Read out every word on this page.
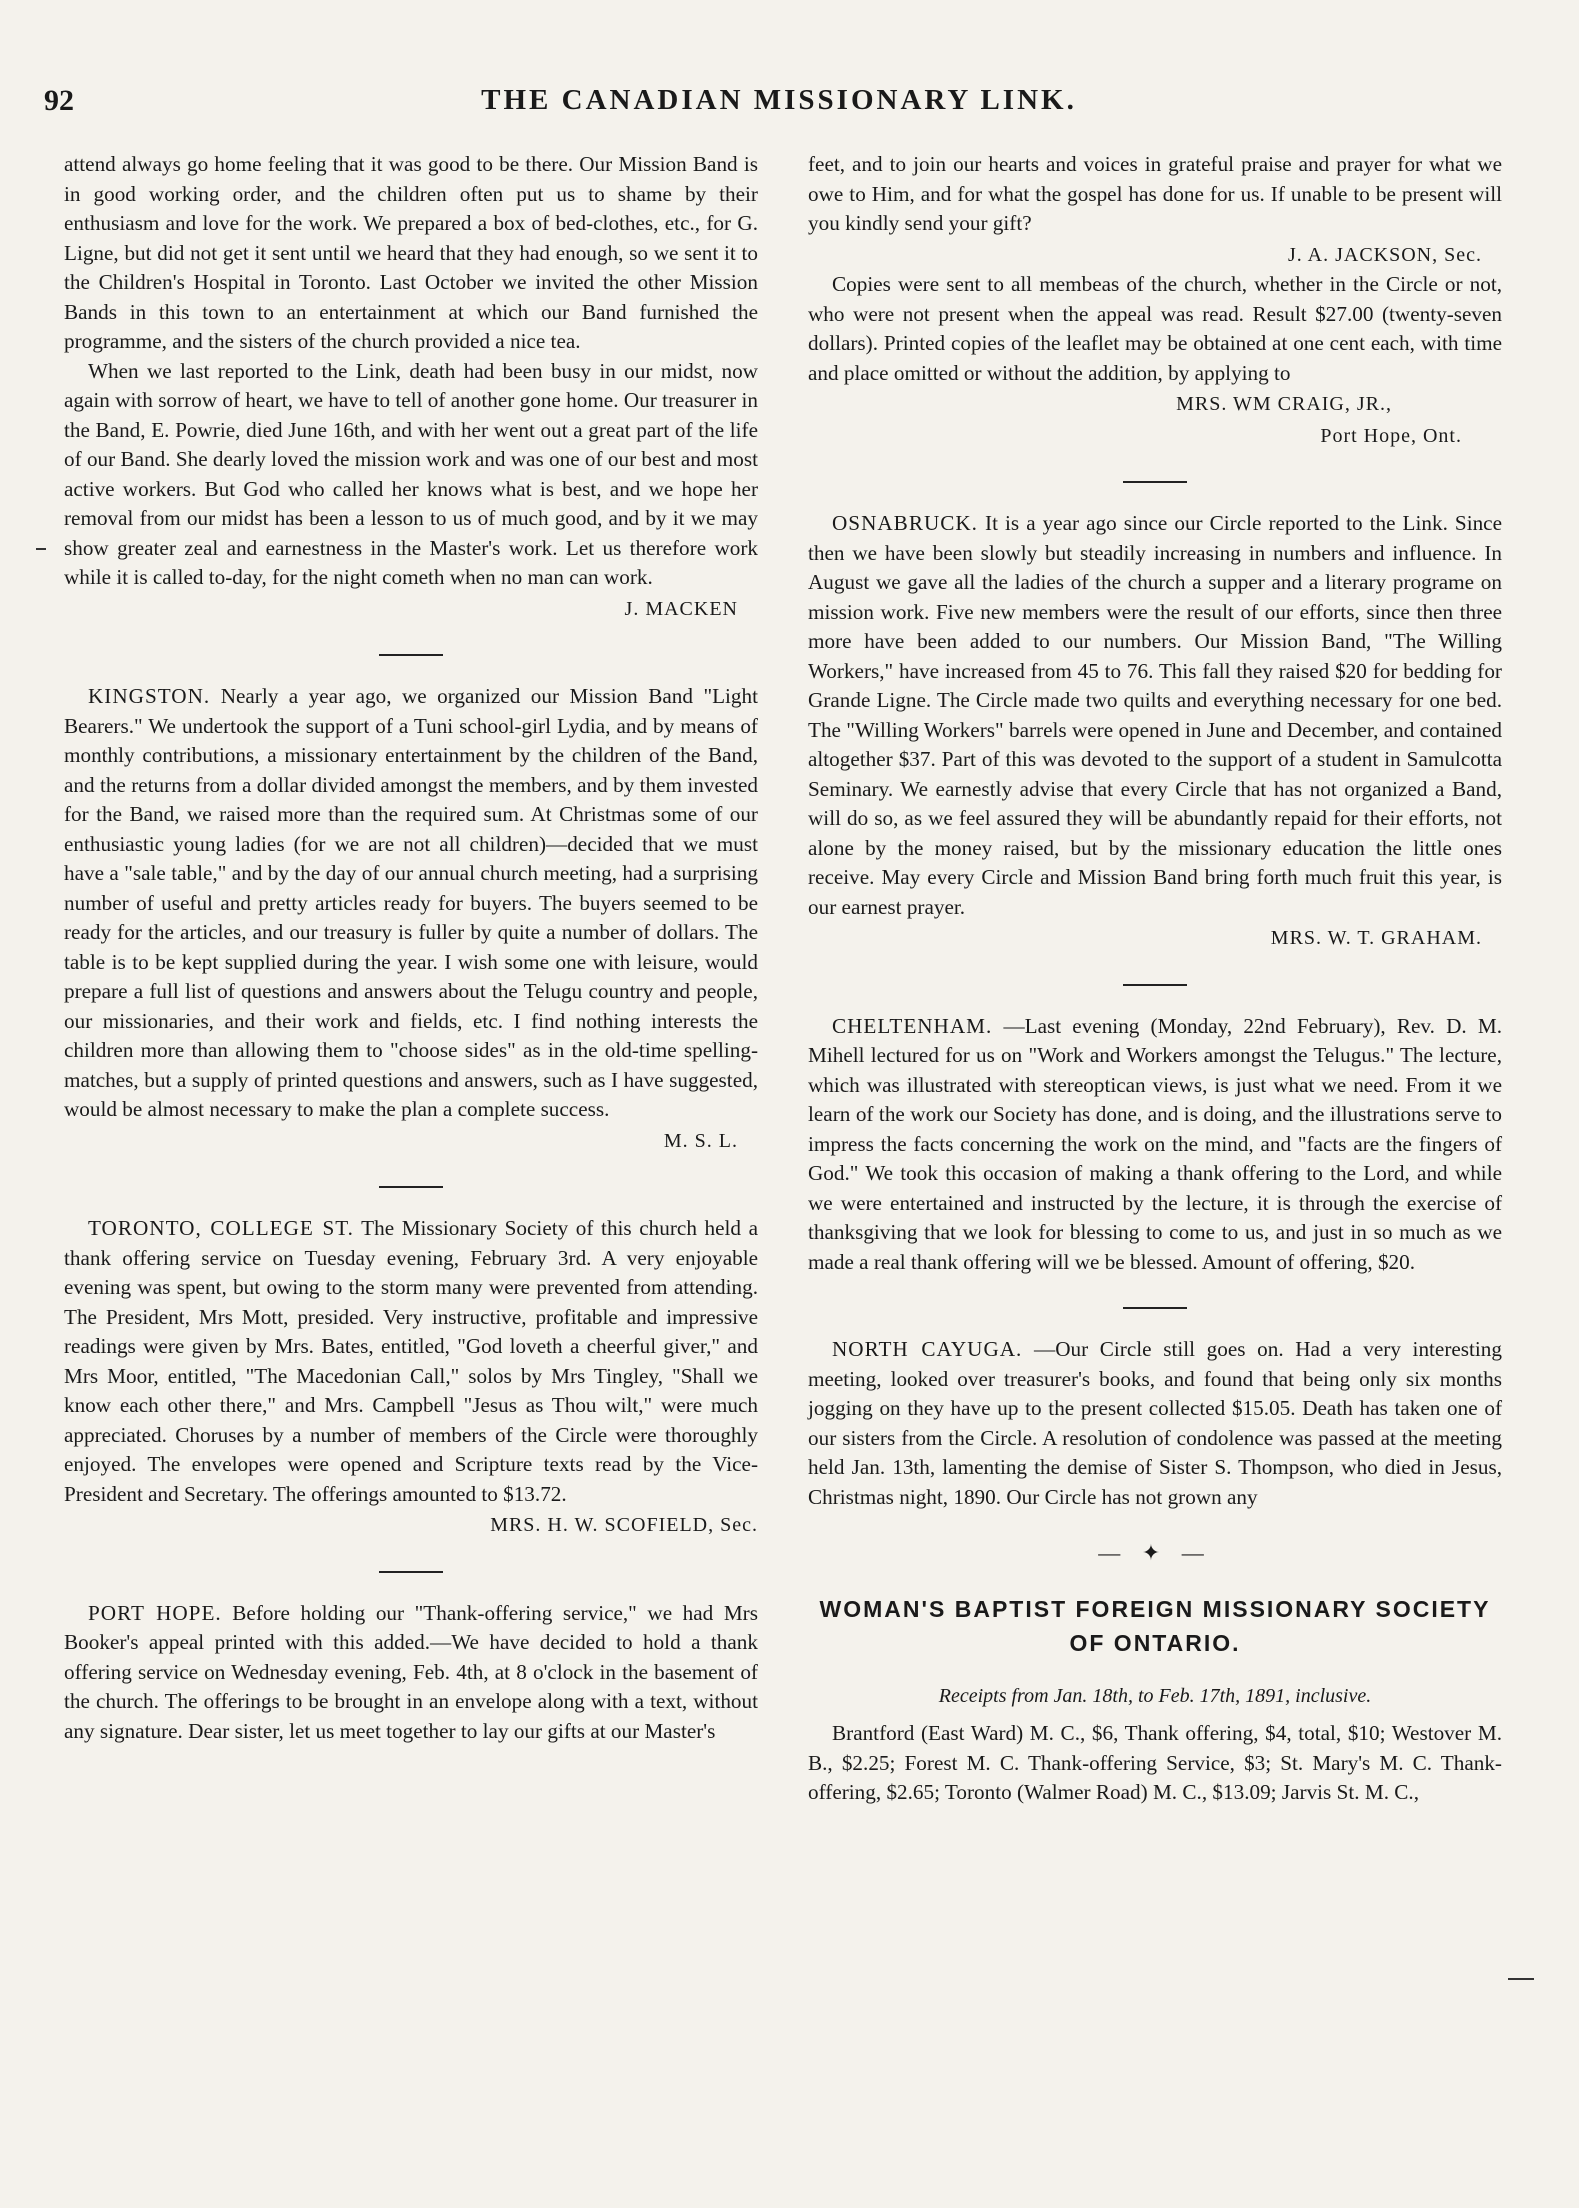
92	THE CANADIAN MISSIONARY LINK.

attend always go home feeling that it was good to be there. Our Mission Band is in good working order, and the children often put us to shame by their enthusiasm and love for the work. We prepared a box of bed-clothes, etc., for G. Ligne, but did not get it sent until we heard that they had enough, so we sent it to the Children's Hospital in Toronto. Last October we invited the other Mission Bands in this town to an entertainment at which our Band furnished the programme, and the sisters of the church provided a nice tea.

When we last reported to the Link, death had been busy in our midst, now again with sorrow of heart, we have to tell of another gone home. Our treasurer in the Band, E. Powrie, died June 16th, and with her went out a great part of the life of our Band. She dearly loved the mission work and was one of our best and most active workers. But God who called her knows what is best, and we hope her removal from our midst has been a lesson to us of much good, and by it we may show greater zeal and earnestness in the Master's work. Let us therefore work while it is called to-day, for the night cometh when no man can work.

J. MACKEN

KINGSTON. Nearly a year ago, we organized our Mission Band "Light Bearers." We undertook the support of a Tuni school-girl Lydia, and by means of monthly contributions, a missionary entertainment by the children of the Band, and the returns from a dollar divided amongst the members, and by them invested for the Band, we raised more than the required sum. At Christmas some of our enthusiastic young ladies (for we are not all children)—decided that we must have a "sale table," and by the day of our annual church meeting, had a surprising number of useful and pretty articles ready for buyers. The buyers seemed to be ready for the articles, and our treasury is fuller by quite a number of dollars. The table is to be kept supplied during the year. I wish some one with leisure, would prepare a full list of questions and answers about the Telugu country and people, our missionaries, and their work and fields, etc. I find nothing interests the children more than allowing them to "choose sides" as in the old-time spelling-matches, but a supply of printed questions and answers, such as I have suggested, would be almost necessary to make the plan a complete success.

M. S. L.

TORONTO, COLLEGE ST. The Missionary Society of this church held a thank offering service on Tuesday evening, February 3rd. A very enjoyable evening was spent, but owing to the storm many were prevented from attending. The President, Mrs Mott, presided. Very instructive, profitable and impressive readings were given by Mrs. Bates, entitled, "God loveth a cheerful giver," and Mrs Moor, entitled, "The Macedonian Call," solos by Mrs Tingley, "Shall we know each other there," and Mrs. Campbell "Jesus as Thou wilt," were much appreciated. Choruses by a number of members of the Circle were thoroughly enjoyed. The envelopes were opened and Scripture texts read by the Vice-President and Secretary. The offerings amounted to $13.72.

MRS. H. W. SCOFIELD, Sec.

PORT HOPE. Before holding our "Thank-offering service," we had Mrs Booker's appeal printed with this added.—We have decided to hold a thank offering service on Wednesday evening, Feb. 4th, at 8 o'clock in the basement of the church. The offerings to be brought in an envelope along with a text, without any signature. Dear sister, let us meet together to lay our gifts at our Master's

feet, and to join our hearts and voices in grateful praise and prayer for what we owe to Him, and for what the gospel has done for us. If unable to be present will you kindly send your gift?

J. A. JACKSON, Sec.

Copies were sent to all membeas of the church, whether in the Circle or not, who were not present when the appeal was read. Result $27.00 (twenty-seven dollars). Printed copies of the leaflet may be obtained at one cent each, with time and place omitted or without the addition, by applying to

MRS. WM CRAIG, JR.,
Port Hope, Ont.

OSNABRUCK. It is a year ago since our Circle reported to the Link. Since then we have been slowly but steadily increasing in numbers and influence. In August we gave all the ladies of the church a supper and a literary programe on mission work. Five new members were the result of our efforts, since then three more have been added to our numbers. Our Mission Band, "The Willing Workers," have increased from 45 to 76. This fall they raised $20 for bedding for Grande Ligne. The Circle made two quilts and everything necessary for one bed. The "Willing Workers" barrels were opened in June and December, and contained altogether $37. Part of this was devoted to the support of a student in Samulcotta Seminary. We earnestly advise that every Circle that has not organized a Band, will do so, as we feel assured they will be abundantly repaid for their efforts, not alone by the money raised, but by the missionary education the little ones receive. May every Circle and Mission Band bring forth much fruit this year, is our earnest prayer.

MRS. W. T. GRAHAM.

CHELTENHAM. —Last evening (Monday, 22nd February), Rev. D. M. Mihell lectured for us on "Work and Workers amongst the Telugus." The lecture, which was illustrated with stereoptican views, is just what we need. From it we learn of the work our Society has done, and is doing, and the illustrations serve to impress the facts concerning the work on the mind, and "facts are the fingers of God." We took this occasion of making a thank offering to the Lord, and while we were entertained and instructed by the lecture, it is through the exercise of thanksgiving that we look for blessing to come to us, and just in so much as we made a real thank offering will we be blessed. Amount of offering, $20.

NORTH CAYUGA. —Our Circle still goes on. Had a very interesting meeting, looked over treasurer's books, and found that being only six months jogging on they have up to the present collected $15.05. Death has taken one of our sisters from the Circle. A resolution of condolence was passed at the meeting held Jan. 13th, lamenting the demise of Sister S. Thompson, who died in Jesus, Christmas night, 1890. Our Circle has not grown any

— ✦ —
WOMAN'S BAPTIST FOREIGN MISSIONARY SOCIETY OF ONTARIO.
Receipts from Jan. 18th, to Feb. 17th, 1891, inclusive.

Brantford (East Ward) M. C., $6, Thank offering, $4, total, $10; Westover M. B., $2.25; Forest M. C. Thank-offering Service, $3; St. Mary's M. C. Thank-offering, $2.65; Toronto (Walmer Road) M. C., $13.09; Jarvis St. M. C.,
